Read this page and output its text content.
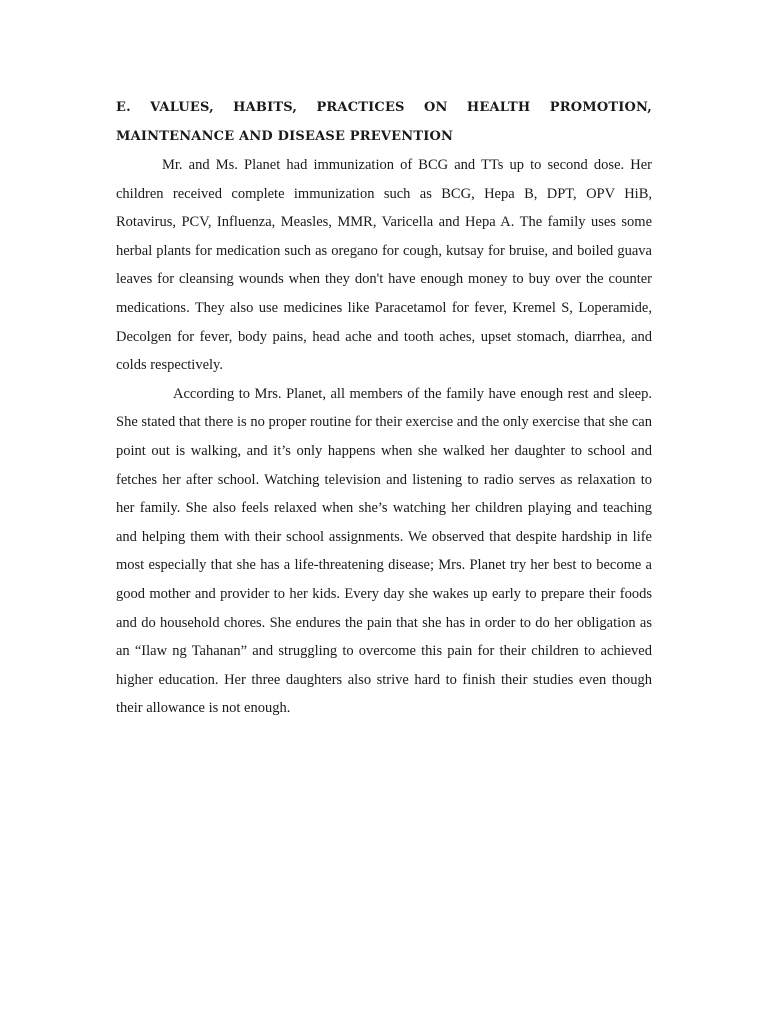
E. VALUES, HABITS, PRACTICES ON HEALTH PROMOTION,
MAINTENANCE AND DISEASE PREVENTION

Mr. and Ms. Planet had immunization of BCG and TTs up to second dose. Her children received complete immunization such as BCG, Hepa B, DPT, OPV HiB, Rotavirus, PCV, Influenza, Measles, MMR, Varicella and Hepa A. The family uses some herbal plants for medication such as oregano for cough, kutsay for bruise, and boiled guava leaves for cleansing wounds when they don't have enough money to buy over the counter medications. They also use medicines like Paracetamol for fever, Kremel S, Loperamide, Decolgen for fever, body pains, head ache and tooth aches, upset stomach, diarrhea, and colds respectively.

According to Mrs. Planet, all members of the family have enough rest and sleep. She stated that there is no proper routine for their exercise and the only exercise that she can point out is walking, and it’s only happens when she walked her daughter to school and fetches her after school. Watching television and listening to radio serves as relaxation to her family. She also feels relaxed when she’s watching her children playing and teaching and helping them with their school assignments. We observed that despite hardship in life most especially that she has a life-threatening disease; Mrs. Planet try her best to become a good mother and provider to her kids. Every day she wakes up early to prepare their foods and do household chores. She endures the pain that she has in order to do her obligation as an “Ilaw ng Tahanan” and struggling to overcome this pain for their children to achieved higher education. Her three daughters also strive hard to finish their studies even though their allowance is not enough.
